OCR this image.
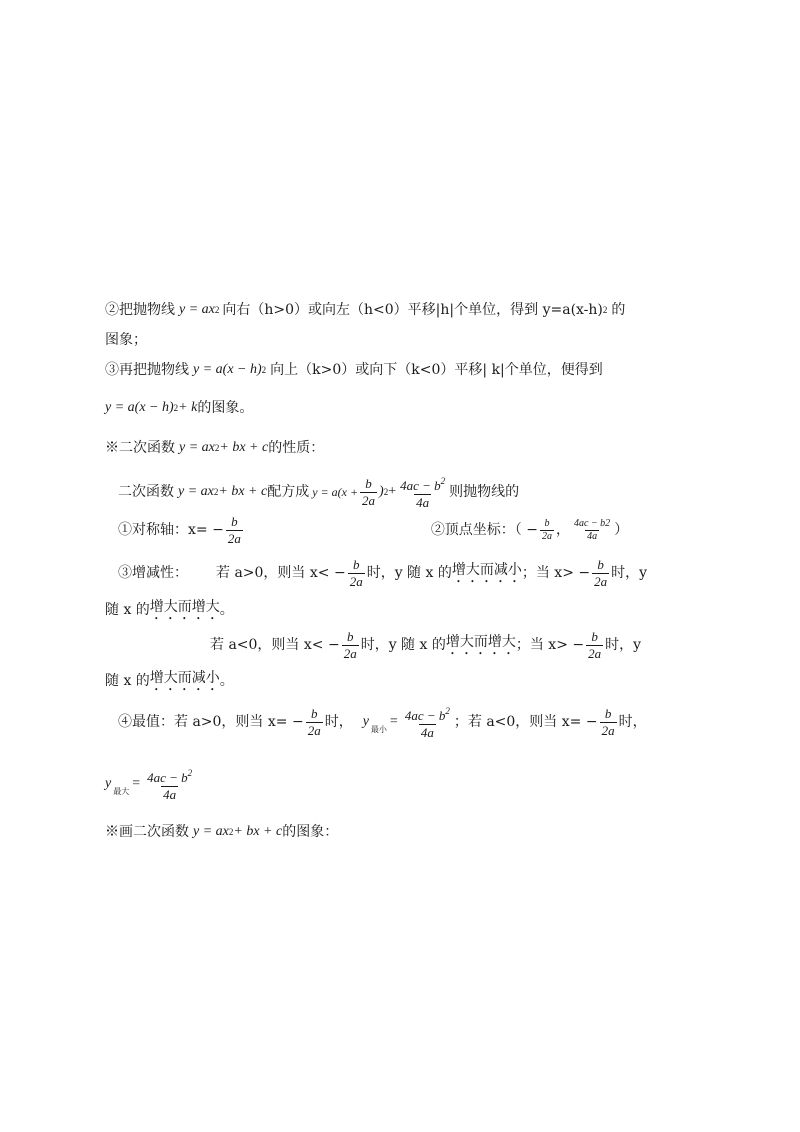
②把抛物线 y = ax 2 向右（h>0）或向左（h<0）平移|h|个单位，得到 y=a(x-h) 2 的
图象；
③再把抛物线 y = a(x − h) 2 向上（k>0）或向下（k<0）平移| k|个单位，便得到
y = a(x − h) 2 + k 的图象。
※二次函数 y = ax 2 + bx + c 的性质：
二次函数 y = ax 2 + bx + c 配方成 $y = a(x + \frac{b}{2a}$ ) $2 + \frac{4ac - b^2}{4a}$ 则抛物线的
①对称轴：$x= - \frac{b}{2a}$	②顶点坐标：（ − $\frac{b}{2a}$ ， $\frac{4ac - b2}{4a}$ ）
③增减性： 若 a>0，则当 $x< - \frac{b}{2a}$ 时，y 随 x 的 增大而减小 ；当 $x> - \frac{b}{2a}$ 时，y
随 x 的 增大而增大 。
若 a<0，则当 $x< - \frac{b}{2a}$ 时，y 随 x 的 增大而增大 ；当 $x> - \frac{b}{2a}$ 时，y
随 x 的 增大而减小 。
④最值：若 a>0，则当 $x= - \frac{b}{2a}$ 时， y
最小
= $\frac{4ac - b^2}{4a}$ ；若 a<0，则当 $x= - \frac{b}{2a}$ 时，
y
最大
= $\frac{4ac - b^2}{4a}$
※画二次函数 y = ax 2 + bx + c 的图象：
